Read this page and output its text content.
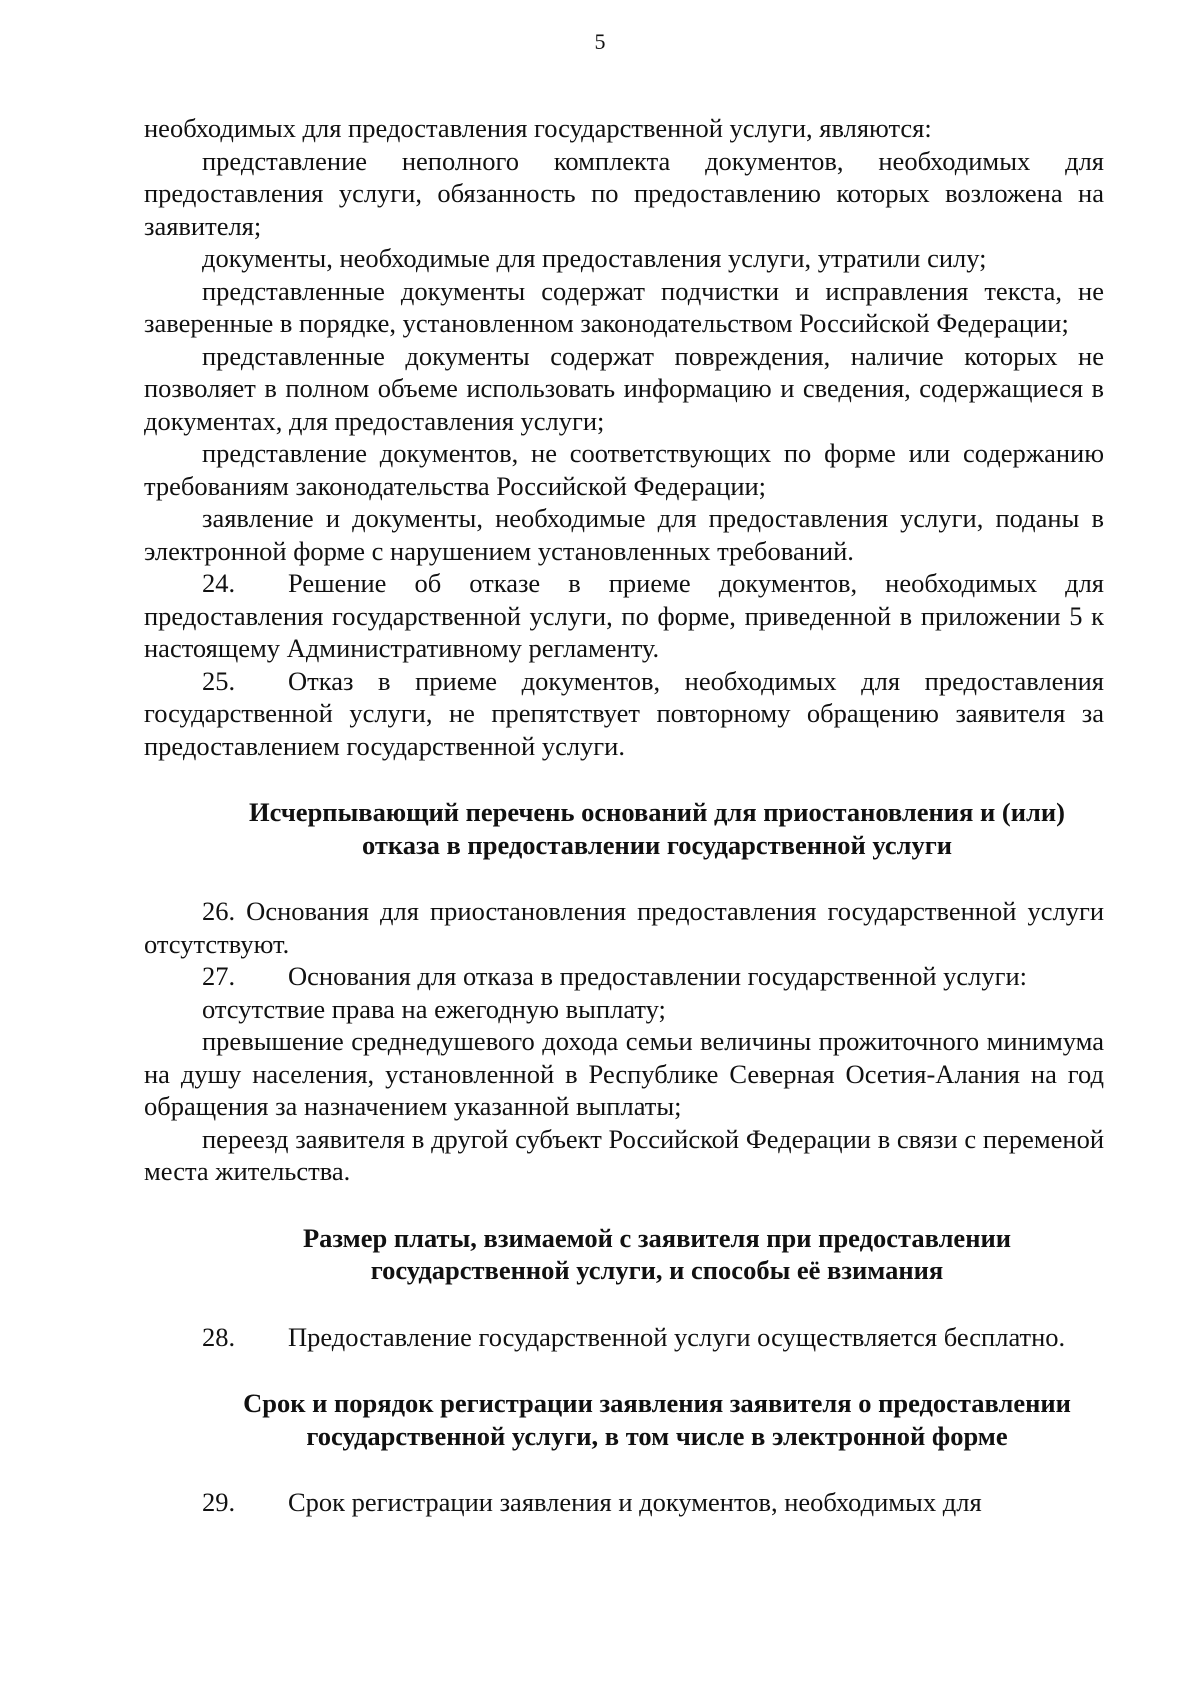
5

необходимых для предоставления государственной услуги, являются:

представление неполного комплекта документов, необходимых для предоставления услуги, обязанность по предоставлению которых возложена на заявителя;

документы, необходимые для предоставления услуги, утратили силу;

представленные документы содержат подчистки и исправления текста, не заверенные в порядке, установленном законодательством Российской Федерации;

представленные документы содержат повреждения, наличие которых не позволяет в полном объеме использовать информацию и сведения, содержащиеся в документах, для предоставления услуги;

представление документов, не соответствующих по форме или содержанию требованиям законодательства Российской Федерации;

заявление и документы, необходимые для предоставления услуги, поданы в электронной форме с нарушением установленных требований.

24. Решение об отказе в приеме документов, необходимых для предоставления государственной услуги, по форме, приведенной в приложении 5 к настоящему Административному регламенту.

25. Отказ в приеме документов, необходимых для предоставления государственной услуги, не препятствует повторному обращению заявителя за предоставлением государственной услуги.

Исчерпывающий перечень оснований для приостановления и (или)
отказа в предоставлении государственной услуги

26. Основания для приостановления предоставления государственной услуги отсутствуют.

27. Основания для отказа в предоставлении государственной услуги:

отсутствие права на ежегодную выплату;

превышение среднедушевого дохода семьи величины прожиточного минимума на душу населения, установленной в Республике Северная Осетия-Алания на год обращения за назначением указанной выплаты;

переезд заявителя в другой субъект Российской Федерации в связи с переменой места жительства.

Размер платы, взимаемой с заявителя при предоставлении
государственной услуги, и способы её взимания

28. Предоставление государственной услуги осуществляется бесплатно.

Срок и порядок регистрации заявления заявителя о предоставлении
государственной услуги, в том числе в электронной форме

29. Срок регистрации заявления и документов, необходимых для
